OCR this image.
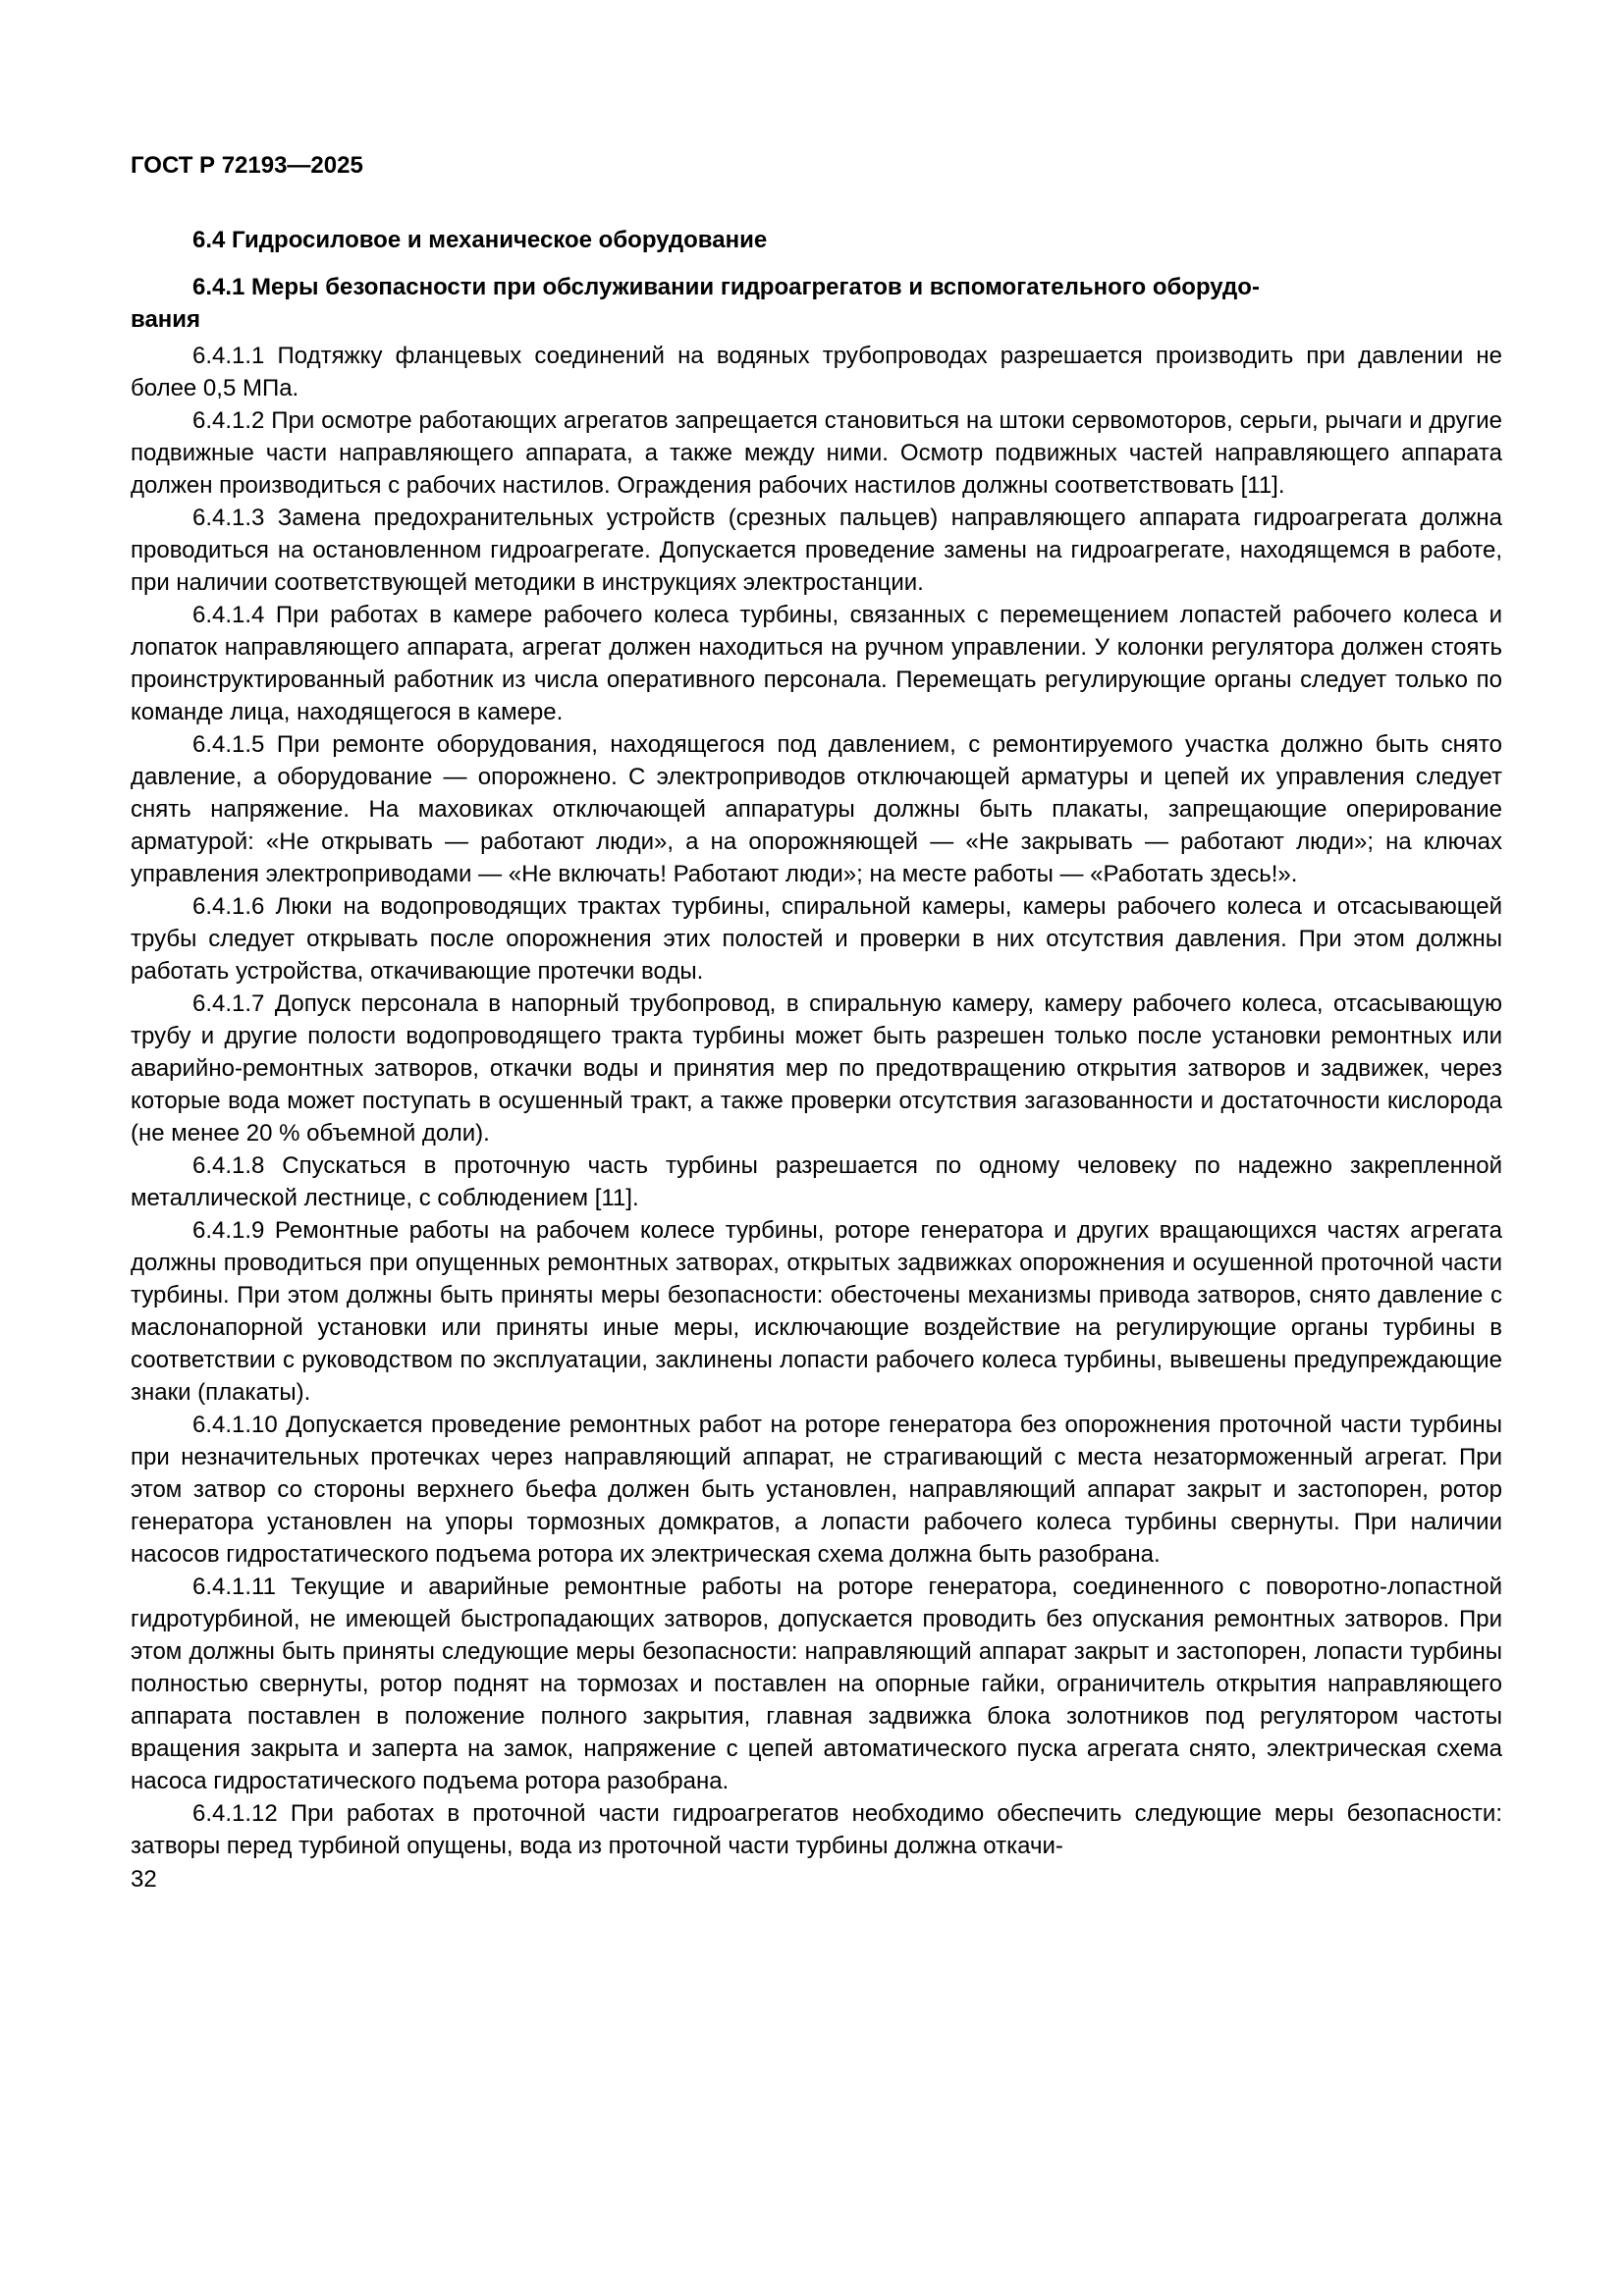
ГОСТ Р 72193—2025
6.4 Гидросиловое и механическое оборудование
6.4.1 Меры безопасности при обслуживании гидроагрегатов и вспомогательного оборудо-
вания

6.4.1.1 Подтяжку фланцевых соединений на водяных трубопроводах разрешается производить при давлении не более 0,5 МПа.

6.4.1.2 При осмотре работающих агрегатов запрещается становиться на штоки сервомоторов, серьги, рычаги и другие подвижные части направляющего аппарата, а также между ними. Осмотр подвижных частей направляющего аппарата должен производиться с рабочих настилов. Ограждения рабочих настилов должны соответствовать [11].

6.4.1.3 Замена предохранительных устройств (срезных пальцев) направляющего аппарата гидроагрегата должна проводиться на остановленном гидроагрегате. Допускается проведение замены на гидроагрегате, находящемся в работе, при наличии соответствующей методики в инструкциях электростанции.

6.4.1.4 При работах в камере рабочего колеса турбины, связанных с перемещением лопастей рабочего колеса и лопаток направляющего аппарата, агрегат должен находиться на ручном управлении. У колонки регулятора должен стоять проинструктированный работник из числа оперативного персонала. Перемещать регулирующие органы следует только по команде лица, находящегося в камере.

6.4.1.5 При ремонте оборудования, находящегося под давлением, с ремонтируемого участка должно быть снято давление, а оборудование — опорожнено. С электроприводов отключающей арматуры и цепей их управления следует снять напряжение. На маховиках отключающей аппаратуры должны быть плакаты, запрещающие оперирование арматурой: «Не открывать — работают люди», а на опорожняющей — «Не закрывать — работают люди»; на ключах управления электроприводами — «Не включать! Работают люди»; на месте работы — «Работать здесь!».

6.4.1.6 Люки на водопроводящих трактах турбины, спиральной камеры, камеры рабочего колеса и отсасывающей трубы следует открывать после опорожнения этих полостей и проверки в них отсутствия давления. При этом должны работать устройства, откачивающие протечки воды.

6.4.1.7 Допуск персонала в напорный трубопровод, в спиральную камеру, камеру рабочего колеса, отсасывающую трубу и другие полости водопроводящего тракта турбины может быть разрешен только после установки ремонтных или аварийно-ремонтных затворов, откачки воды и принятия мер по предотвращению открытия затворов и задвижек, через которые вода может поступать в осушенный тракт, а также проверки отсутствия загазованности и достаточности кислорода (не менее 20 % объемной доли).

6.4.1.8 Спускаться в проточную часть турбины разрешается по одному человеку по надежно закрепленной металлической лестнице, с соблюдением [11].

6.4.1.9 Ремонтные работы на рабочем колесе турбины, роторе генератора и других вращающихся частях агрегата должны проводиться при опущенных ремонтных затворах, открытых задвижках опорожнения и осушенной проточной части турбины. При этом должны быть приняты меры безопасности: обесточены механизмы привода затворов, снято давление с маслонапорной установки или приняты иные меры, исключающие воздействие на регулирующие органы турбины в соответствии с руководством по эксплуатации, заклинены лопасти рабочего колеса турбины, вывешены предупреждающие знаки (плакаты).

6.4.1.10 Допускается проведение ремонтных работ на роторе генератора без опорожнения проточной части турбины при незначительных протечках через направляющий аппарат, не страгивающий с места незаторможенный агрегат. При этом затвор со стороны верхнего бьефа должен быть установлен, направляющий аппарат закрыт и застопорен, ротор генератора установлен на упоры тормозных домкратов, а лопасти рабочего колеса турбины свернуты. При наличии насосов гидростатического подъема ротора их электрическая схема должна быть разобрана.

6.4.1.11 Текущие и аварийные ремонтные работы на роторе генератора, соединенного с поворотно-лопастной гидротурбиной, не имеющей быстропадающих затворов, допускается проводить без опускания ремонтных затворов. При этом должны быть приняты следующие меры безопасности: направляющий аппарат закрыт и застопорен, лопасти турбины полностью свернуты, ротор поднят на тормозах и поставлен на опорные гайки, ограничитель открытия направляющего аппарата поставлен в положение полного закрытия, главная задвижка блока золотников под регулятором частоты вращения закрыта и заперта на замок, напряжение с цепей автоматического пуска агрегата снято, электрическая схема насоса гидростатического подъема ротора разобрана.

6.4.1.12 При работах в проточной части гидроагрегатов необходимо обеспечить следующие меры безопасности: затворы перед турбиной опущены, вода из проточной части турбины должна откачи-

32
